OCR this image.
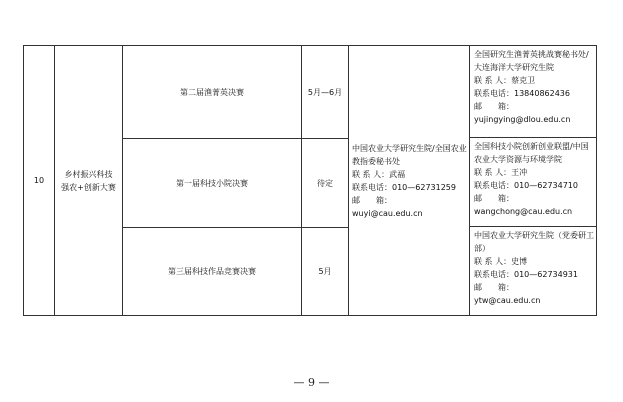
10
乡村振兴科技强农+创新大赛
第二届渔菁英决赛
第一届科技小院决赛
第三届科技作品竞赛决赛
5月—6月
待定
5月
中国农业大学研究生院/全国农业
教指委秘书处
联 系 人：武福
联系电话：010—62731259
邮　　箱：
wuyi@cau.edu.cn
全国研究生渔菁英挑战赛秘书处/
大连海洋大学研究生院
联 系 人：蔡克卫
联系电话：13840862436
邮　　箱：
yujingying@dlou.edu.cn
全国科技小院创新创业联盟/中国
农业大学资源与环境学院
联 系 人：王冲
联系电话：010—62734710
邮　　箱：
wangchong@cau.edu.cn
中国农业大学研究生院（党委研工
部）
联 系 人：史博
联系电话：010—62734931
邮　　箱：
ytw@cau.edu.cn
— 9 —
